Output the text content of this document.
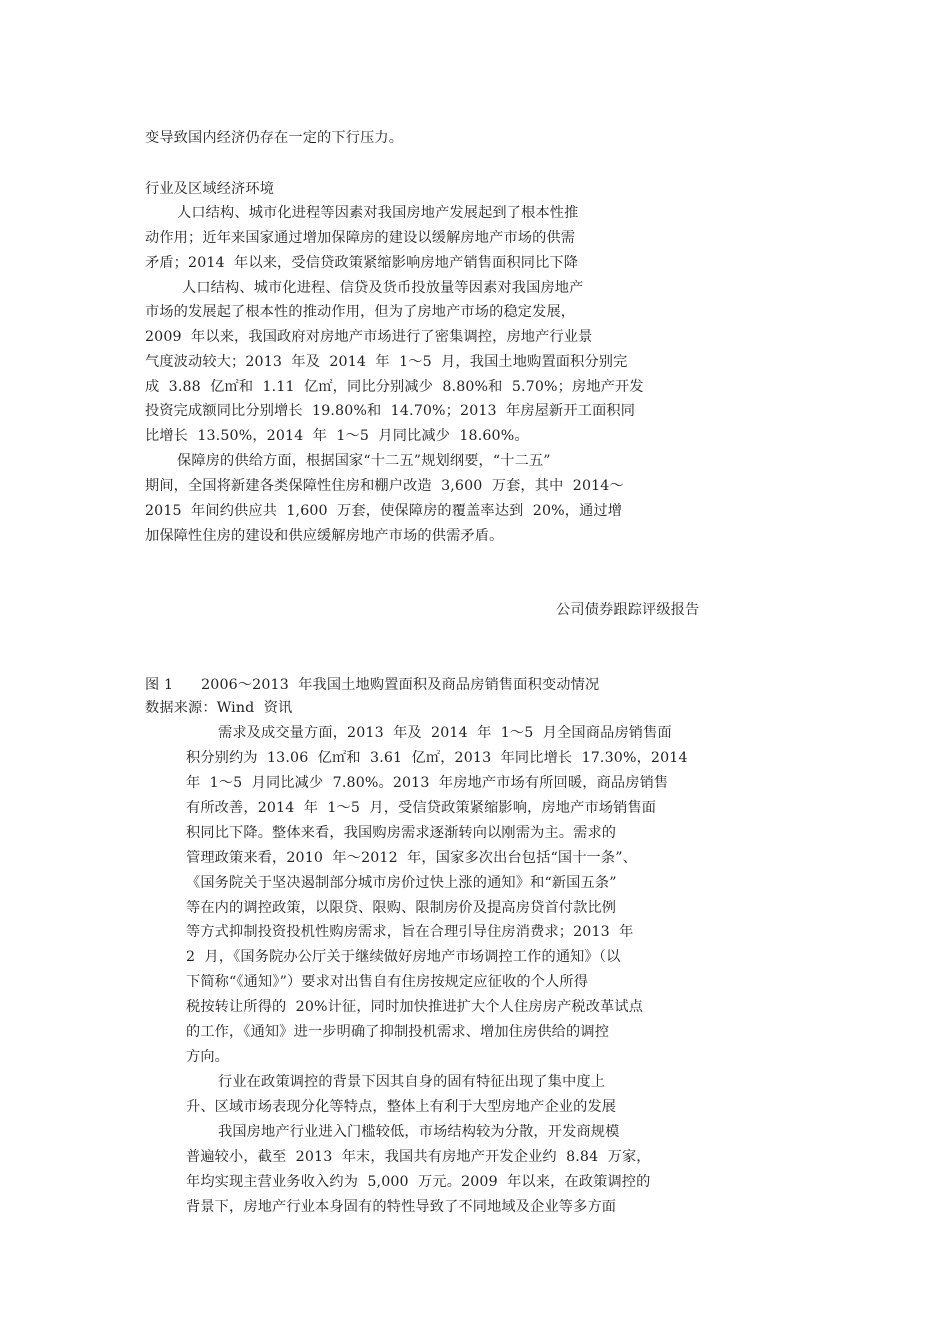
变导致国内经济仍存在一定的下行压力。
行业及区域经济环境
人口结构、城市化进程等因素对我国房地产发展起到了根本性推
动作用；近年来国家通过增加保障房的建设以缓解房地产市场的供需
矛盾；2014  年以来，受信贷政策紧缩影响房地产销售面积同比下降
人口结构、城市化进程、信贷及货币投放量等因素对我国房地产
市场的发展起了根本性的推动作用，但为了房地产市场的稳定发展，
2009  年以来，我国政府对房地产市场进行了密集调控，房地产行业景
气度波动较大；2013  年及  2014  年  1～5  月，我国土地购置面积分别完
成  3.88  亿㎡和  1.11  亿㎡，同比分别减少  8.80%和  5.70%；房地产开发
投资完成额同比分别增长  19.80%和  14.70%；2013  年房屋新开工面积同
比增长  13.50%，2014  年  1～5  月同比减少  18.60%。
保障房的供给方面，根据国家“十二五”规划纲要，“十二五”
期间，全国将新建各类保障性住房和棚户改造  3,600  万套，其中  2014～
2015  年间约供应共  1,600  万套，使保障房的覆盖率达到  20%，通过增
加保障性住房的建设和供应缓解房地产市场的供需矛盾。
公司债券跟踪评级报告
图 1      2006～2013  年我国土地购置面积及商品房销售面积变动情况
数据来源：Wind  资讯
需求及成交量方面，2013  年及  2014  年  1～5  月全国商品房销售面
积分别约为  13.06  亿㎡和  3.61  亿㎡，2013  年同比增长  17.30%，2014
年  1～5  月同比减少  7.80%。2013  年房地产市场有所回暖，商品房销售
有所改善，2014  年  1～5  月，受信贷政策紧缩影响，房地产市场销售面
积同比下降。整体来看，我国购房需求逐渐转向以刚需为主。需求的
管理政策来看，2010  年～2012  年，国家多次出台包括“国十一条”、
《国务院关于坚决遏制部分城市房价过快上涨的通知》和“新国五条”
等在内的调控政策，以限贷、限购、限制房价及提高房贷首付款比例
等方式抑制投资投机性购房需求，旨在合理引导住房消费求；2013  年
2  月，《国务院办公厅关于继续做好房地产市场调控工作的通知》（以
下简称“《通知》”）要求对出售自有住房按规定应征收的个人所得
税按转让所得的  20%计征，同时加快推进扩大个人住房房产税改革试点
的工作，《通知》进一步明确了抑制投机需求、增加住房供给的调控
方向。
行业在政策调控的背景下因其自身的固有特征出现了集中度上
升、区域市场表现分化等特点，整体上有利于大型房地产企业的发展
我国房地产行业进入门槛较低，市场结构较为分散，开发商规模
普遍较小，截至  2013  年末，我国共有房地产开发企业约  8.84  万家，
年均实现主营业务收入约为  5,000  万元。2009  年以来，在政策调控的
背景下，房地产行业本身固有的特性导致了不同地域及企业等多方面
